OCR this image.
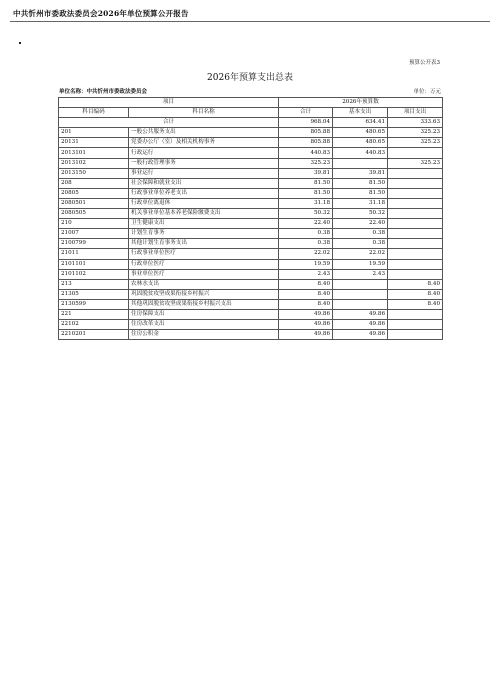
中共忻州市委政法委员会2026年单位预算公开报告
预算公开表3
2026年预算支出总表
单位名称：中共忻州市委政法委员会	单位：万元
项目		2026年预算数		
科目编码	科目名称	合计	基本支出	项目支出
合计		968.04	634.41	333.63
201	一般公共服务支出	805.88	480.65	325.23
20131	党委办公厅（室）及相关机构事务	805.88	480.65	325.23
2013101	行政运行	440.83	440.83	
2013102	一般行政管理事务	325.23		325.23
2013150	事业运行	39.81	39.81	
208	社会保障和就业支出	81.50	81.50	
20805	行政事业单位养老支出	81.50	81.50	
2080501	行政单位离退休	31.18	31.18	
2080505	机关事业单位基本养老保险缴费支出	50.32	50.32	
210	卫生健康支出	22.40	22.40	
21007	计划生育事务	0.38	0.38	
2100799	其他计划生育事务支出	0.38	0.38	
21011	行政事业单位医疗	22.02	22.02	
2101101	行政单位医疗	19.59	19.59	
2101102	事业单位医疗	2.43	2.43	
213	农林水支出	8.40		8.40
21305	巩固脱贫攻坚成果衔接乡村振兴	8.40		8.40
2130599	其他巩固脱贫攻坚成果衔接乡村振兴支出	8.40		8.40
221	住房保障支出	49.86	49.86	
22102	住房改革支出	49.86	49.86	
2210201	住房公积金	49.86	49.86	
